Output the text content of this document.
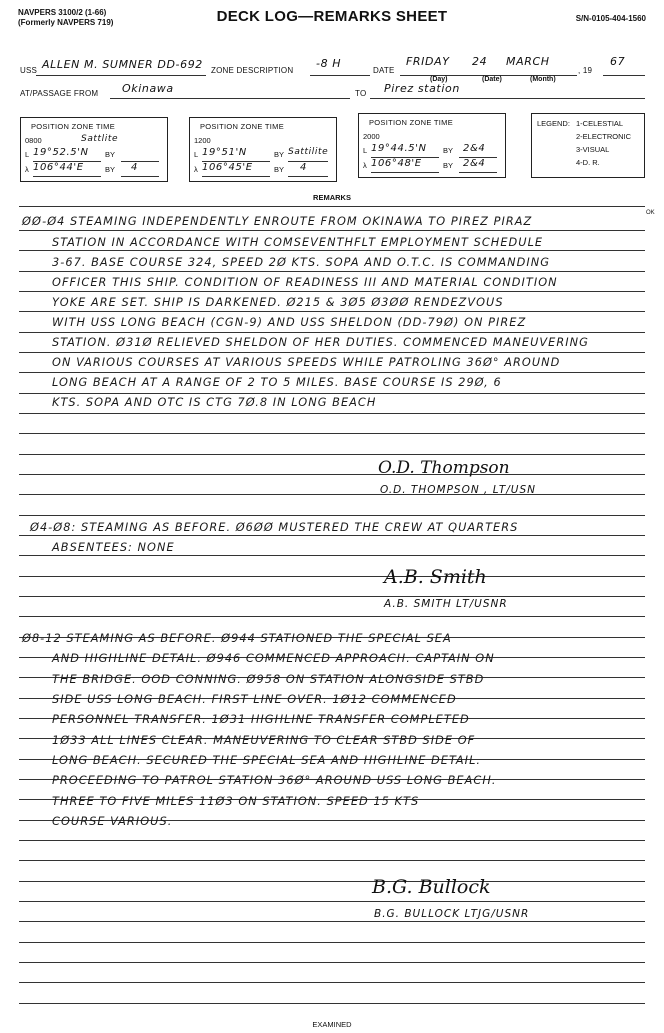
NAVPERS 3100/2 (1-66)
(Formerly NAVPERS 719)	DECK LOG—REMARKS SHEET	S/N-0105-404-1560
USS ALLEN M. SUMNER DD-692 ZONE DESCRIPTION
-8 H
DATE
FRIDAY 24 MARCH
, 19
67
(Day)	(Date)	(Month)
AT/PASSAGE FROM Okinawa	TO Pirez station
POSITION ZONE TIME
0800	Sattlite
L 19°52.5'N BY
λ 106°44'E	BY 4
POSITION ZONE TIME
1200
L 19°51'N	BY Sattilite
λ 106°45'E	BY 4
POSITION ZONE TIME
2000
L 19°44.5'N BY 2&4
λ 106°48'E	BY 2&4
LEGEND: 1-CELESTIAL
2-ELECTRONIC
3-VISUAL
4-D. R.
REMARKS
ØØ-Ø4 STEAMING INDEPENDENTLY ENROUTE FROM OKINAWA TO PIREZ PIRAZ
OK
STATION IN ACCORDANCE WITH COMSEVENTHFLT EMPLOYMENT SCHEDULE
3-67. BASE COURSE 324, SPEED 2Ø KTS. SOPA AND O.T.C. IS COMMANDING
OFFICER THIS SHIP. CONDITION OF READINESS III AND MATERIAL CONDITION
YOKE ARE SET. SHIP IS DARKENED. Ø215 & 3Ø5 Ø3ØØ RENDEZVOUS
WITH USS LONG BEACH (CGN-9) AND USS SHELDON (DD-79Ø) ON PIREZ
STATION. Ø31Ø RELIEVED SHELDON OF HER DUTIES. COMMENCED MANEUVERING
ON VARIOUS COURSES AT VARIOUS SPEEDS WHILE PATROLING 36Ø° AROUND
LONG BEACH AT A RANGE OF 2 TO 5 MILES. BASE COURSE IS 29Ø, 6
KTS. SOPA AND OTC IS CTG 7Ø.8 IN LONG BEACH
O.D. Thompson
O.D. THOMPSON , LT/USN
Ø4-Ø8: STEAMING AS BEFORE. Ø6ØØ MUSTERED THE CREW AT QUARTERS
ABSENTEES: NONE
A.B. Smith
A.B. SMITH LT/USNR
Ø8-12 STEAMING AS BEFORE. Ø944 STATIONED THE SPECIAL SEA
AND HIGHLINE DETAIL. Ø946 COMMENCED APPROACH. CAPTAIN ON
THE BRIDGE. OOD CONNING. Ø958 ON STATION ALONGSIDE STBD
SIDE USS LONG BEACH. FIRST LINE OVER. 1Ø12 COMMENCED
PERSONNEL TRANSFER. 1Ø31 HIGHLINE TRANSFER COMPLETED
1Ø33 ALL LINES CLEAR. MANEUVERING TO CLEAR STBD SIDE OF
LONG BEACH. SECURED THE SPECIAL SEA AND HIGHLINE DETAIL.
PROCEEDING TO PATROL STATION 36Ø° AROUND USS LONG BEACH.
THREE TO FIVE MILES 11Ø3 ON STATION. SPEED 15 KTS
COURSE VARIOUS.
B.G. Bullock
B.G. BULLOCK LTJG/USNR
EXAMINED
